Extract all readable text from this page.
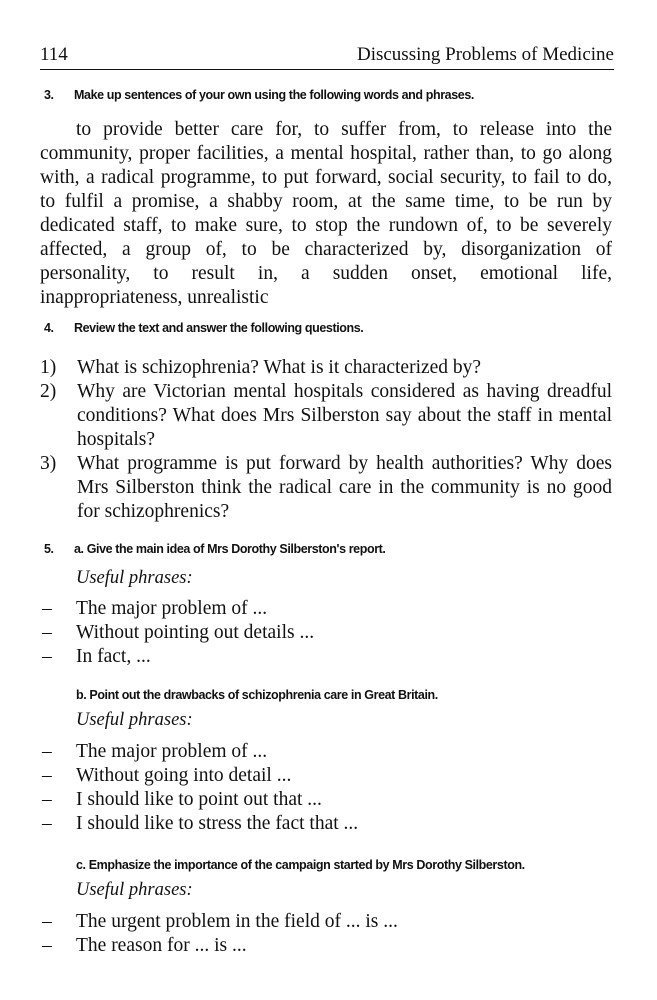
114	Discussing Problems of Medicine
3. Make up sentences of your own using the following words and phrases.
to provide better care for, to suffer from, to release into the community, proper facilities, a mental hospital, rather than, to go along with, a radical programme, to put forward, social security, to fail to do, to fulfil a promise, a shabby room, at the same time, to be run by dedicated staff, to make sure, to stop the rundown of, to be severely affected, a group of, to be characterized by, disorganization of personality, to result in, a sudden onset, emotional life, inappropriateness, unrealistic
4. Review the text and answer the following questions.
1) What is schizophrenia? What is it characterized by?
2) Why are Victorian mental hospitals considered as having dreadful conditions? What does Mrs Silberston say about the staff in mental hospitals?
3) What programme is put forward by health authorities? Why does Mrs Silberston think the radical care in the community is no good for schizophrenics?
5. a. Give the main idea of Mrs Dorothy Silberston's report.
Useful phrases:
– The major problem of ...
– Without pointing out details ...
– In fact, ...
b. Point out the drawbacks of schizophrenia care in Great Britain.
Useful phrases:
– The major problem of ...
– Without going into detail ...
– I should like to point out that ...
– I should like to stress the fact that ...
c. Emphasize the importance of the campaign started by Mrs Dorothy Silberston.
Useful phrases:
– The urgent problem in the field of ... is ...
– The reason for ... is ...
